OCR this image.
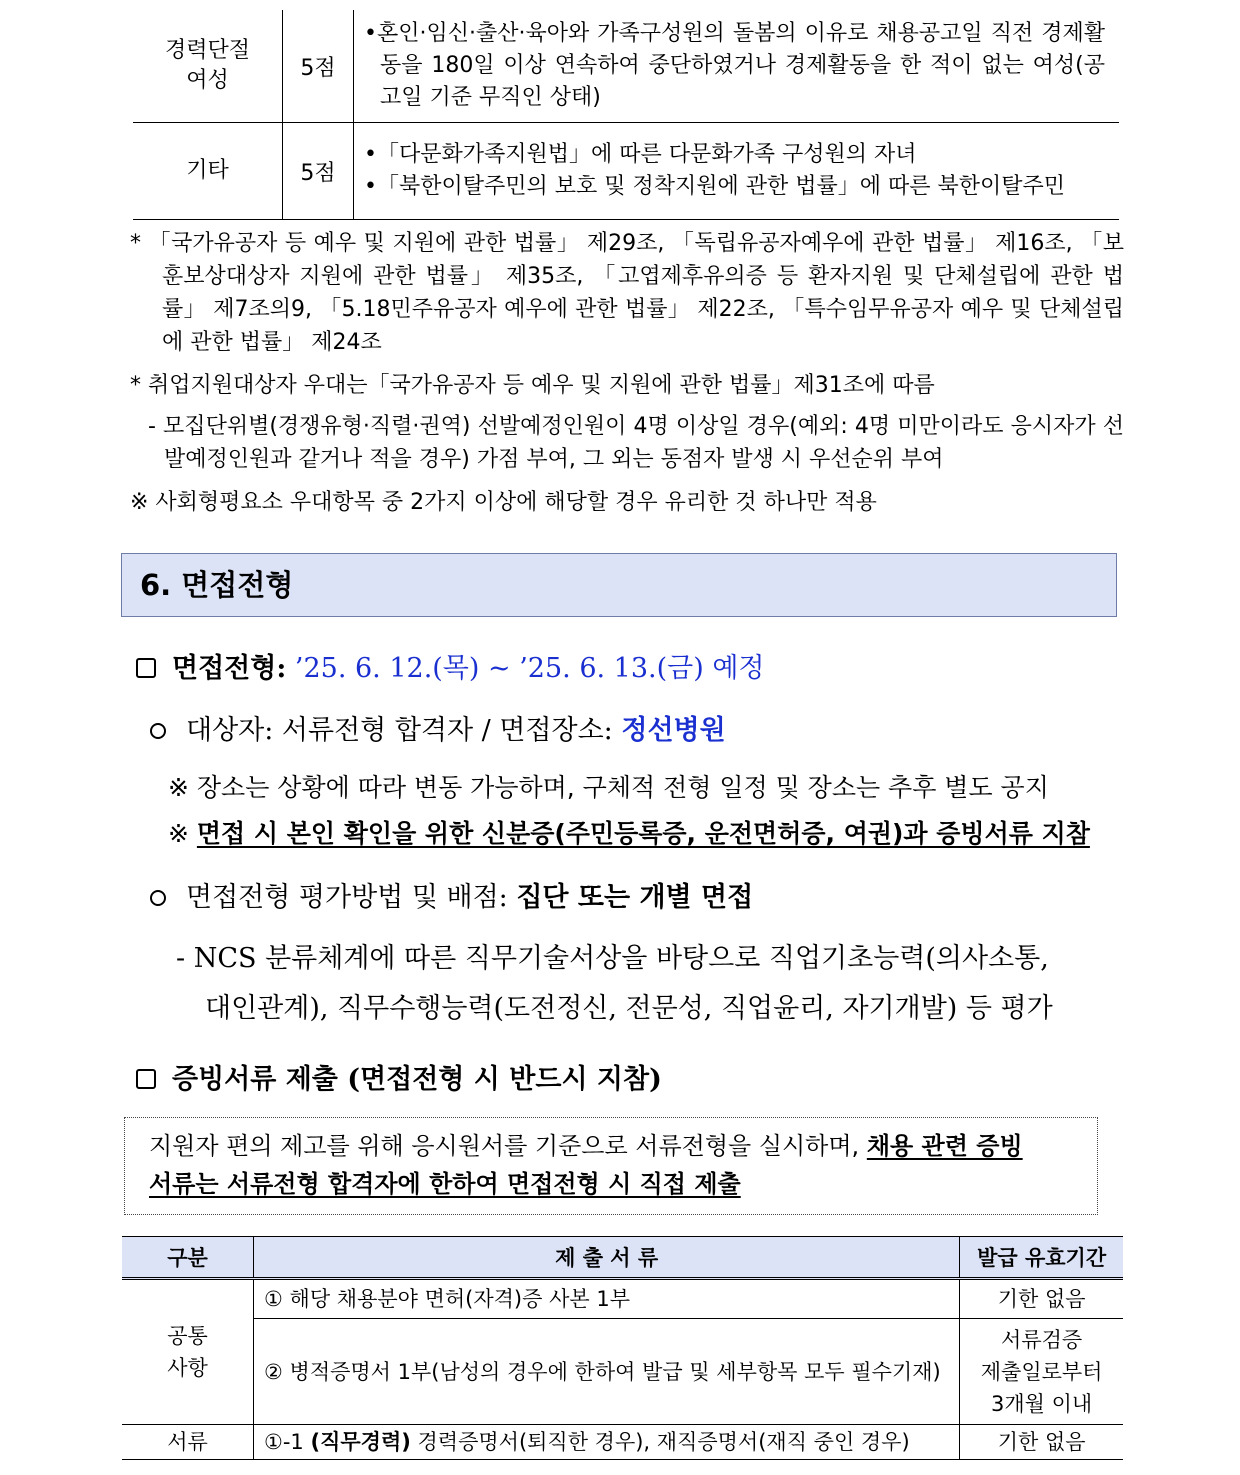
경력단절
여성	5점	•혼인·임신·출산·육아와 가족구성원의 돌봄의 이유로 채용공고일 직전 경제활동을 180일 이상 연속하여 중단하였거나 경제활동을 한 적이 없는 여성(공고일 기준 무직인 상태)

기타	5점	•「다문화가족지원법」에 따른 다문화가족 구성원의 자녀
•「북한이탈주민의 보호 및 정착지원에 관한 법률」에 따른 북한이탈주민
* 「국가유공자 등 예우 및 지원에 관한 법률」 제29조, 「독립유공자예우에 관한 법률」 제16조, 「보훈보상대상자 지원에 관한 법률」 제35조, 「고엽제후유의증 등 환자지원 및 단체설립에 관한 법률」 제7조의9, 「5.18민주유공자 예우에 관한 법률」 제22조, 「특수임무유공자 예우 및 단체설립에 관한 법률」 제24조
* 취업지원대상자 우대는「국가유공자 등 예우 및 지원에 관한 법률」제31조에 따름
- 모집단위별(경쟁유형·직렬·권역) 선발예정인원이 4명 이상일 경우(예외: 4명 미만이라도 응시자가 선발예정인원과 같거나 적을 경우) 가점 부여, 그 외는 동점자 발생 시 우선순위 부여
※ 사회형평요소 우대항목 중 2가지 이상에 해당할 경우 유리한 것 하나만 적용
6. 면접전형
면접전형: ’25. 6. 12.(목) ~ ’25. 6. 13.(금) 예정
대상자: 서류전형 합격자 / 면접장소: 정선병원
※ 장소는 상황에 따라 변동 가능하며, 구체적 전형 일정 및 장소는 추후 별도 공지
※ 면접 시 본인 확인을 위한 신분증(주민등록증, 운전면허증, 여권)과 증빙서류 지참
면접전형 평가방법 및 배점: 집단 또는 개별 면접
- NCS 분류체계에 따른 직무기술서상을 바탕으로 직업기초능력(의사소통,
대인관계), 직무수행능력(도전정신, 전문성, 직업윤리, 자기개발) 등 평가
증빙서류 제출 (면접전형 시 반드시 지참)
지원자 편의 제고를 위해 응시원서를 기준으로 서류전형을 실시하며, 채용 관련 증빙
서류는 서류전형 합격자에 한하여 면접전형 시 직접 제출
구분	제 출 서 류	발급 유효기간
공통
사항	① 해당 채용분야 면허(자격)증 사본 1부	기한 없음
	② 병적증명서 1부(남성의 경우에 한하여 발급 및 세부항목 모두 필수기재)	서류검증
제출일로부터
3개월 이내
서류	①-1 (직무경력) 경력증명서(퇴직한 경우), 재직증명서(재직 중인 경우)	기한 없음
